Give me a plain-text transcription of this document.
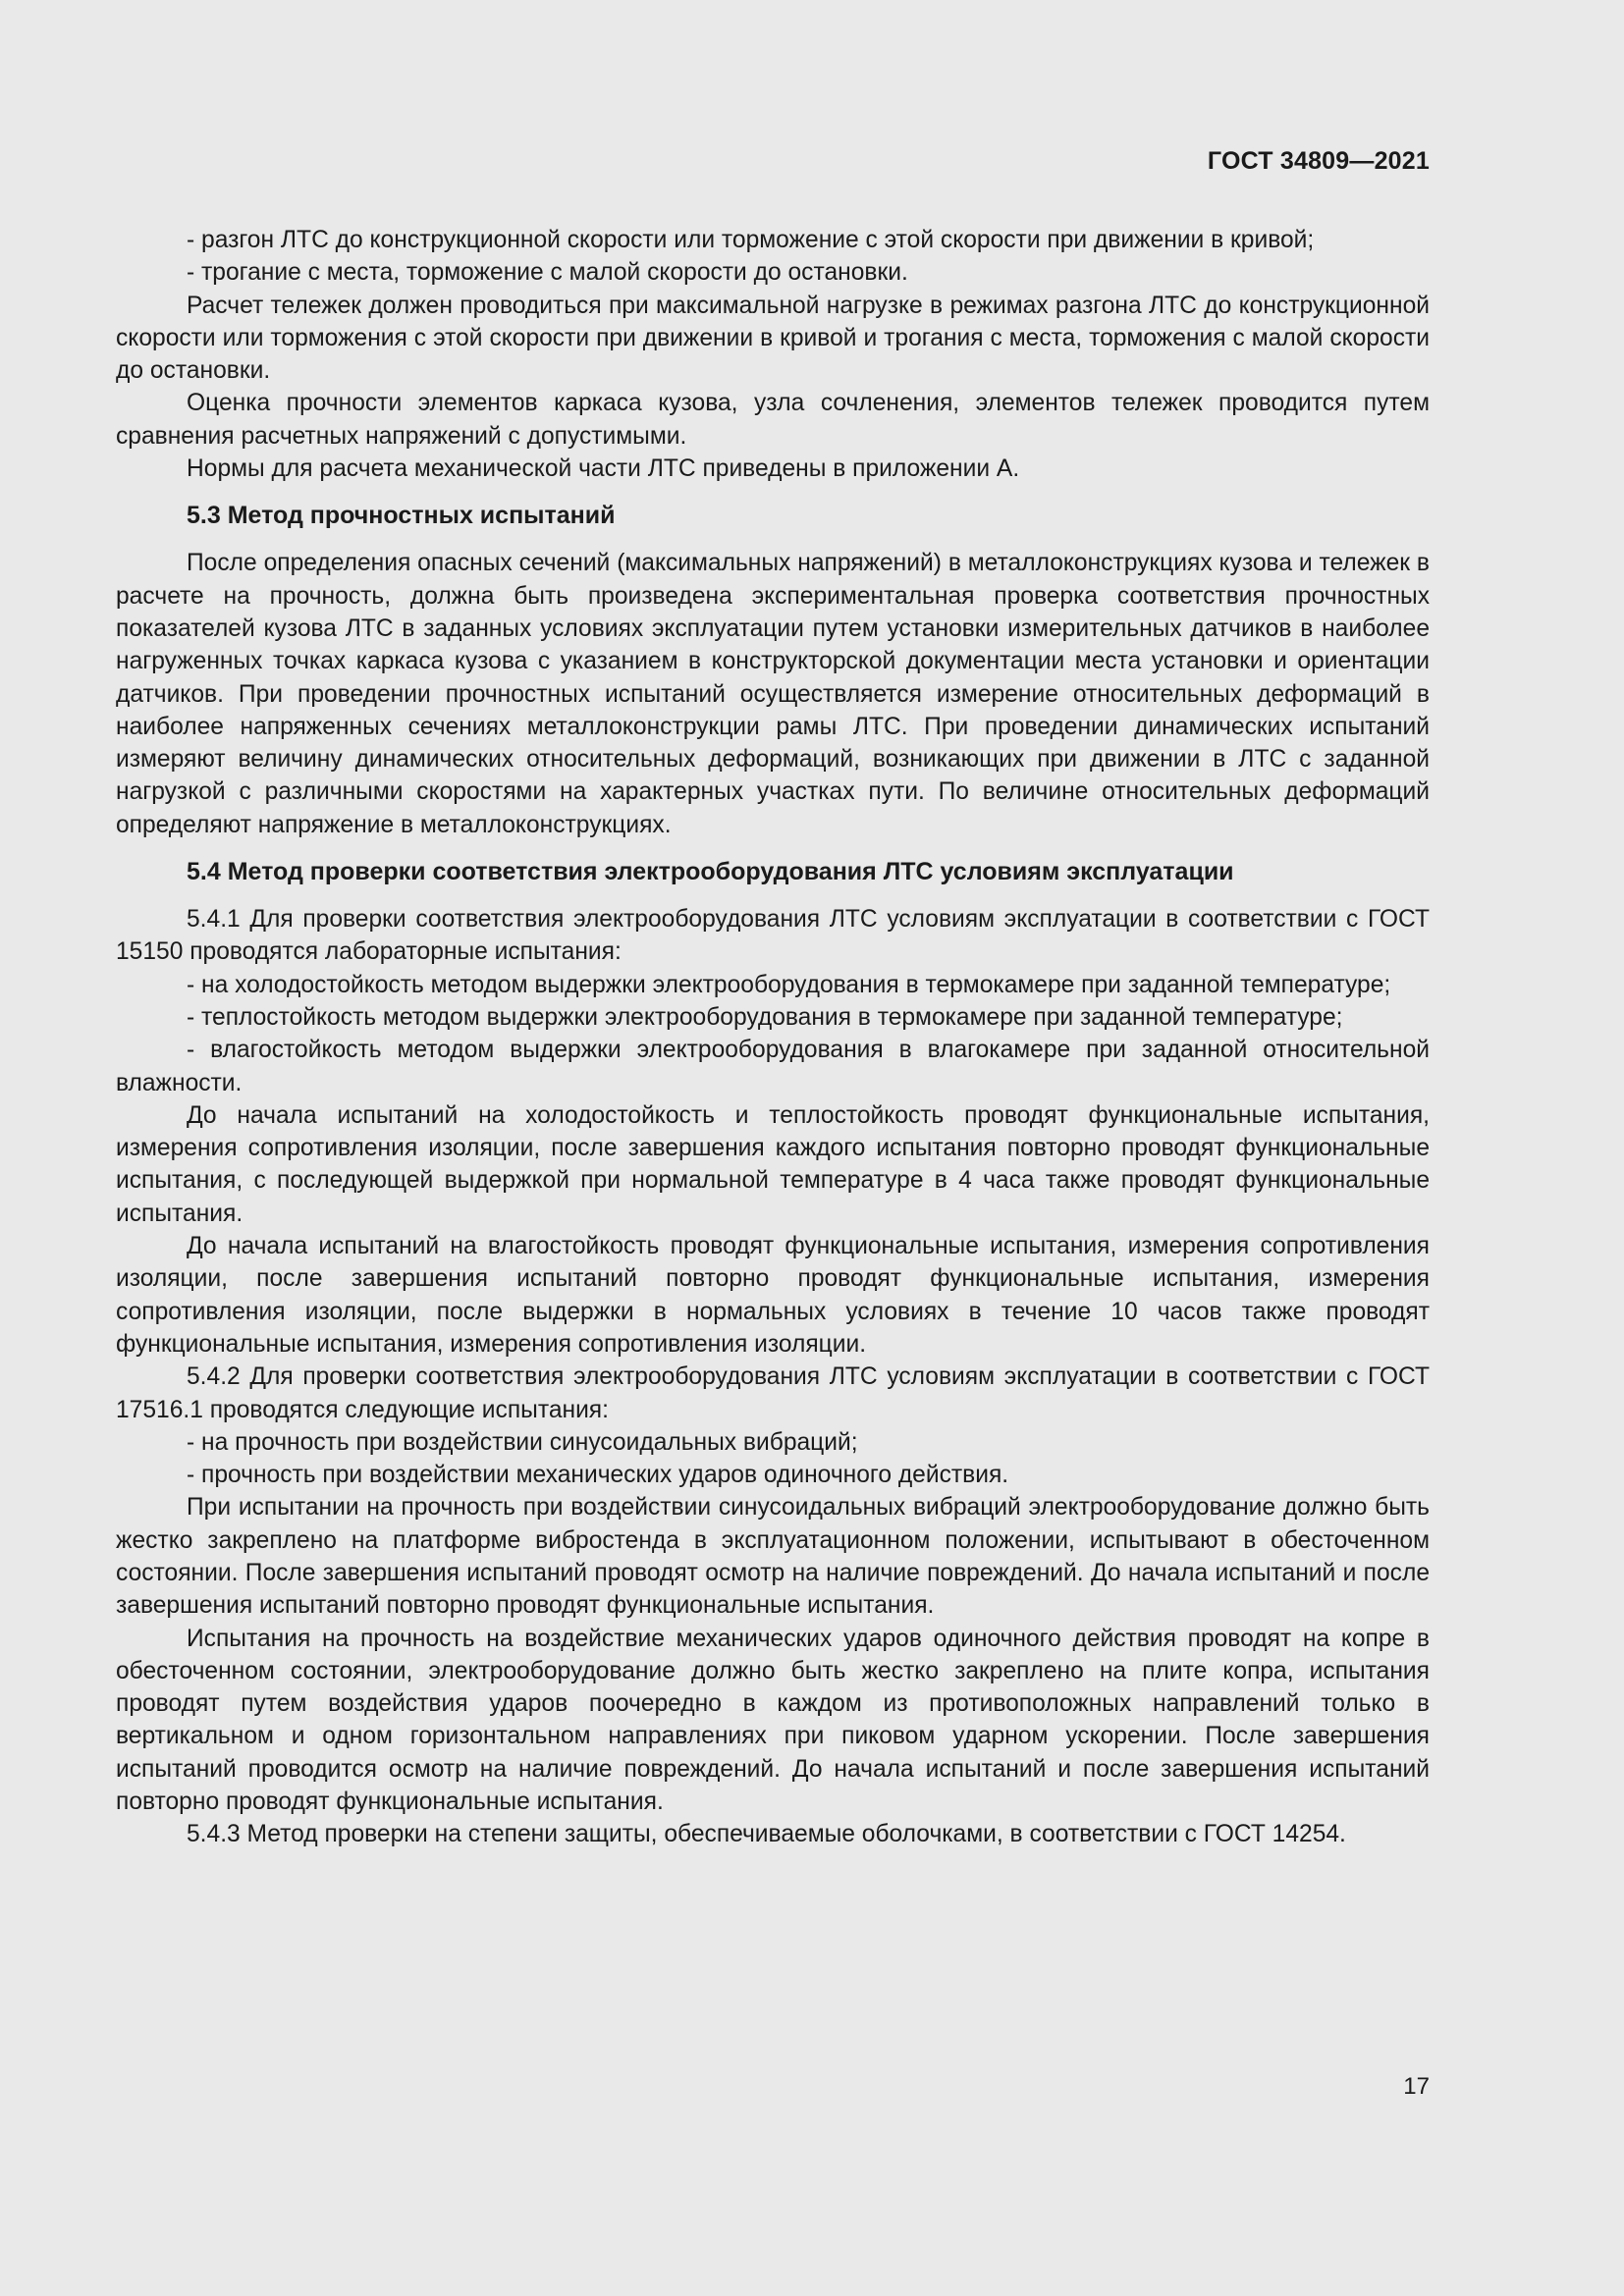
ГОСТ 34809—2021

- разгон ЛТС до конструкционной скорости или торможение с этой скорости при движении в кривой;

- трогание с места, торможение с малой скорости до остановки.

Расчет тележек должен проводиться при максимальной нагрузке в режимах разгона ЛТС до конструкционной скорости или торможения с этой скорости при движении в кривой и трогания с места, торможения с малой скорости до остановки.

Оценка прочности элементов каркаса кузова, узла сочленения, элементов тележек проводится путем сравнения расчетных напряжений с допустимыми.

Нормы для расчета механической части ЛТС приведены в приложении А.

5.3 Метод прочностных испытаний

После определения опасных сечений (максимальных напряжений) в металлоконструкциях кузова и тележек в расчете на прочность, должна быть произведена экспериментальная проверка соответствия прочностных показателей кузова ЛТС в заданных условиях эксплуатации путем установки измерительных датчиков в наиболее нагруженных точках каркаса кузова с указанием в конструкторской документации места установки и ориентации датчиков. При проведении прочностных испытаний осуществляется измерение относительных деформаций в наиболее напряженных сечениях металлоконструкции рамы ЛТС. При проведении динамических испытаний измеряют величину динамических относительных деформаций, возникающих при движении в ЛТС с заданной нагрузкой с различными скоростями на характерных участках пути. По величине относительных деформаций определяют напряжение в металлоконструкциях.

5.4 Метод проверки соответствия электрооборудования ЛТС условиям эксплуатации

5.4.1 Для проверки соответствия электрооборудования ЛТС условиям эксплуатации в соответствии с ГОСТ 15150 проводятся лабораторные испытания:

- на холодостойкость методом выдержки электрооборудования в термокамере при заданной температуре;

- теплостойкость методом выдержки электрооборудования в термокамере при заданной температуре;

- влагостойкость методом выдержки электрооборудования в влагокамере при заданной относительной влажности.

До начала испытаний на холодостойкость и теплостойкость проводят функциональные испытания, измерения сопротивления изоляции, после завершения каждого испытания повторно проводят функциональные испытания, с последующей выдержкой при нормальной температуре в 4 часа также проводят функциональные испытания.

До начала испытаний на влагостойкость проводят функциональные испытания, измерения сопротивления изоляции, после завершения испытаний повторно проводят функциональные испытания, измерения сопротивления изоляции, после выдержки в нормальных условиях в течение 10 часов также проводят функциональные испытания, измерения сопротивления изоляции.

5.4.2 Для проверки соответствия электрооборудования ЛТС условиям эксплуатации в соответствии с ГОСТ 17516.1 проводятся следующие испытания:

- на прочность при воздействии синусоидальных вибраций;

- прочность при воздействии механических ударов одиночного действия.

При испытании на прочность при воздействии синусоидальных вибраций электрооборудование должно быть жестко закреплено на платформе вибростенда в эксплуатационном положении, испытывают в обесточенном состоянии. После завершения испытаний проводят осмотр на наличие повреждений. До начала испытаний и после завершения испытаний повторно проводят функциональные испытания.

Испытания на прочность на воздействие механических ударов одиночного действия проводят на копре в обесточенном состоянии, электрооборудование должно быть жестко закреплено на плите копра, испытания проводят путем воздействия ударов поочередно в каждом из противоположных направлений только в вертикальном и одном горизонтальном направлениях при пиковом ударном ускорении. После завершения испытаний проводится осмотр на наличие повреждений. До начала испытаний и после завершения испытаний повторно проводят функциональные испытания.

5.4.3 Метод проверки на степени защиты, обеспечиваемые оболочками, в соответствии с ГОСТ 14254.

17
